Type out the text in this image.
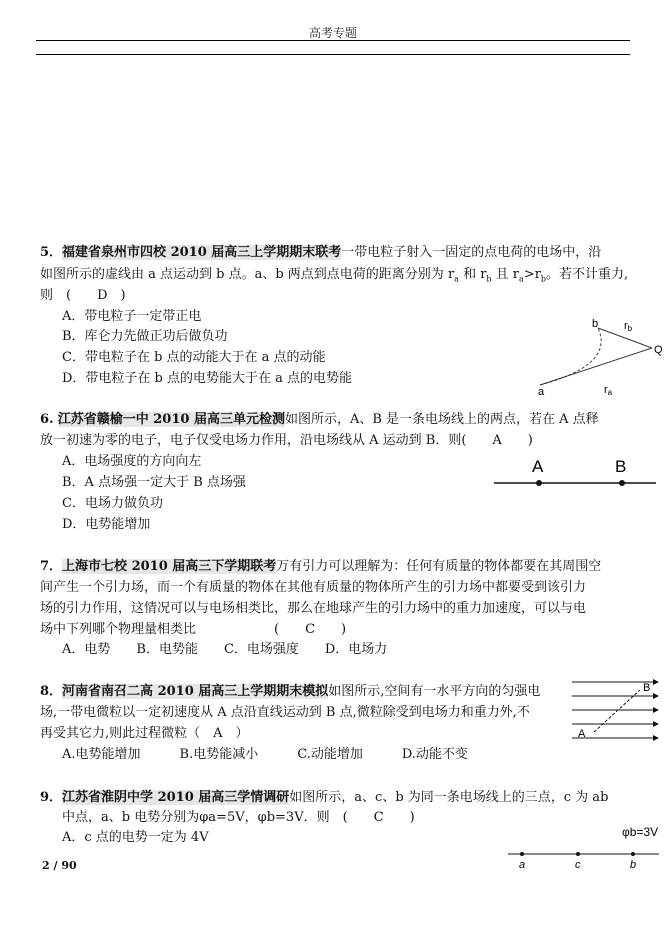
高考专题
5．福建省泉州市四校 2010 届高三上学期期末联考一带电粒子射入一固定的点电荷的电场中，沿
如图所示的虚线由 a 点运动到 b 点。a、b 两点到点电荷的距离分别为 $r_a$ 和 $r_b$ 且 $r_a>r_b$。若不计重力,
则　(　　D　)
A．带电粒子一定带正电
B．库仑力先做正功后做负功
C．带电粒子在 b 点的动能大于在 a 点的动能
D．带电粒子在 b 点的电势能大于在 a 点的电势能
b rb
Q
a	ra
6. 江苏省赣榆一中 2010 届高三单元检测如图所示，A、B 是一条电场线上的两点，若在 A 点释
放一初速为零的电子，电子仅受电场力作用，沿电场线从 A 运动到 B．则(　　A　　)
A．电场强度的方向向左
B．A 点场强一定大于 B 点场强
C．电场力做负功
D．电势能增加
A	B
7．上海市七校 2010 届高三下学期联考万有引力可以理解为：任何有质量的物体都要在其周围空
间产生一个引力场，而一个有质量的物体在其他有质量的物体所产生的引力场中都要受到该引力
场的引力作用，这情况可以与电场相类比，那么在地球产生的引力场中的重力加速度，可以与电
场中下列哪个物理量相类比　　　　　　(　　C　　)
A．电势　　B．电势能　　C．电场强度　　D．电场力
8．河南省南召二高 2010 届高三上学期期末模拟如图所示,空间有一水平方向的匀强电
场,一带电微粒以一定初速度从 A 点沿直线运动到 B 点,微粒除受到电场力和重力外,不
再受其它力,则此过程微粒（　A　）
A.电势能增加　　　B.电势能减小　　　C.动能增加　　　D.动能不变
A
B
9．江苏省淮阴中学 2010 届高三学情调研如图所示，a、c、b 为同一条电场线上的三点，c 为 ab
中点，a、b 电势分别为φa=5V，φb=3V．则　(　　C　　)
A．c 点的电势一定为 4V	φb=3V
a	c	b
2 / 90
